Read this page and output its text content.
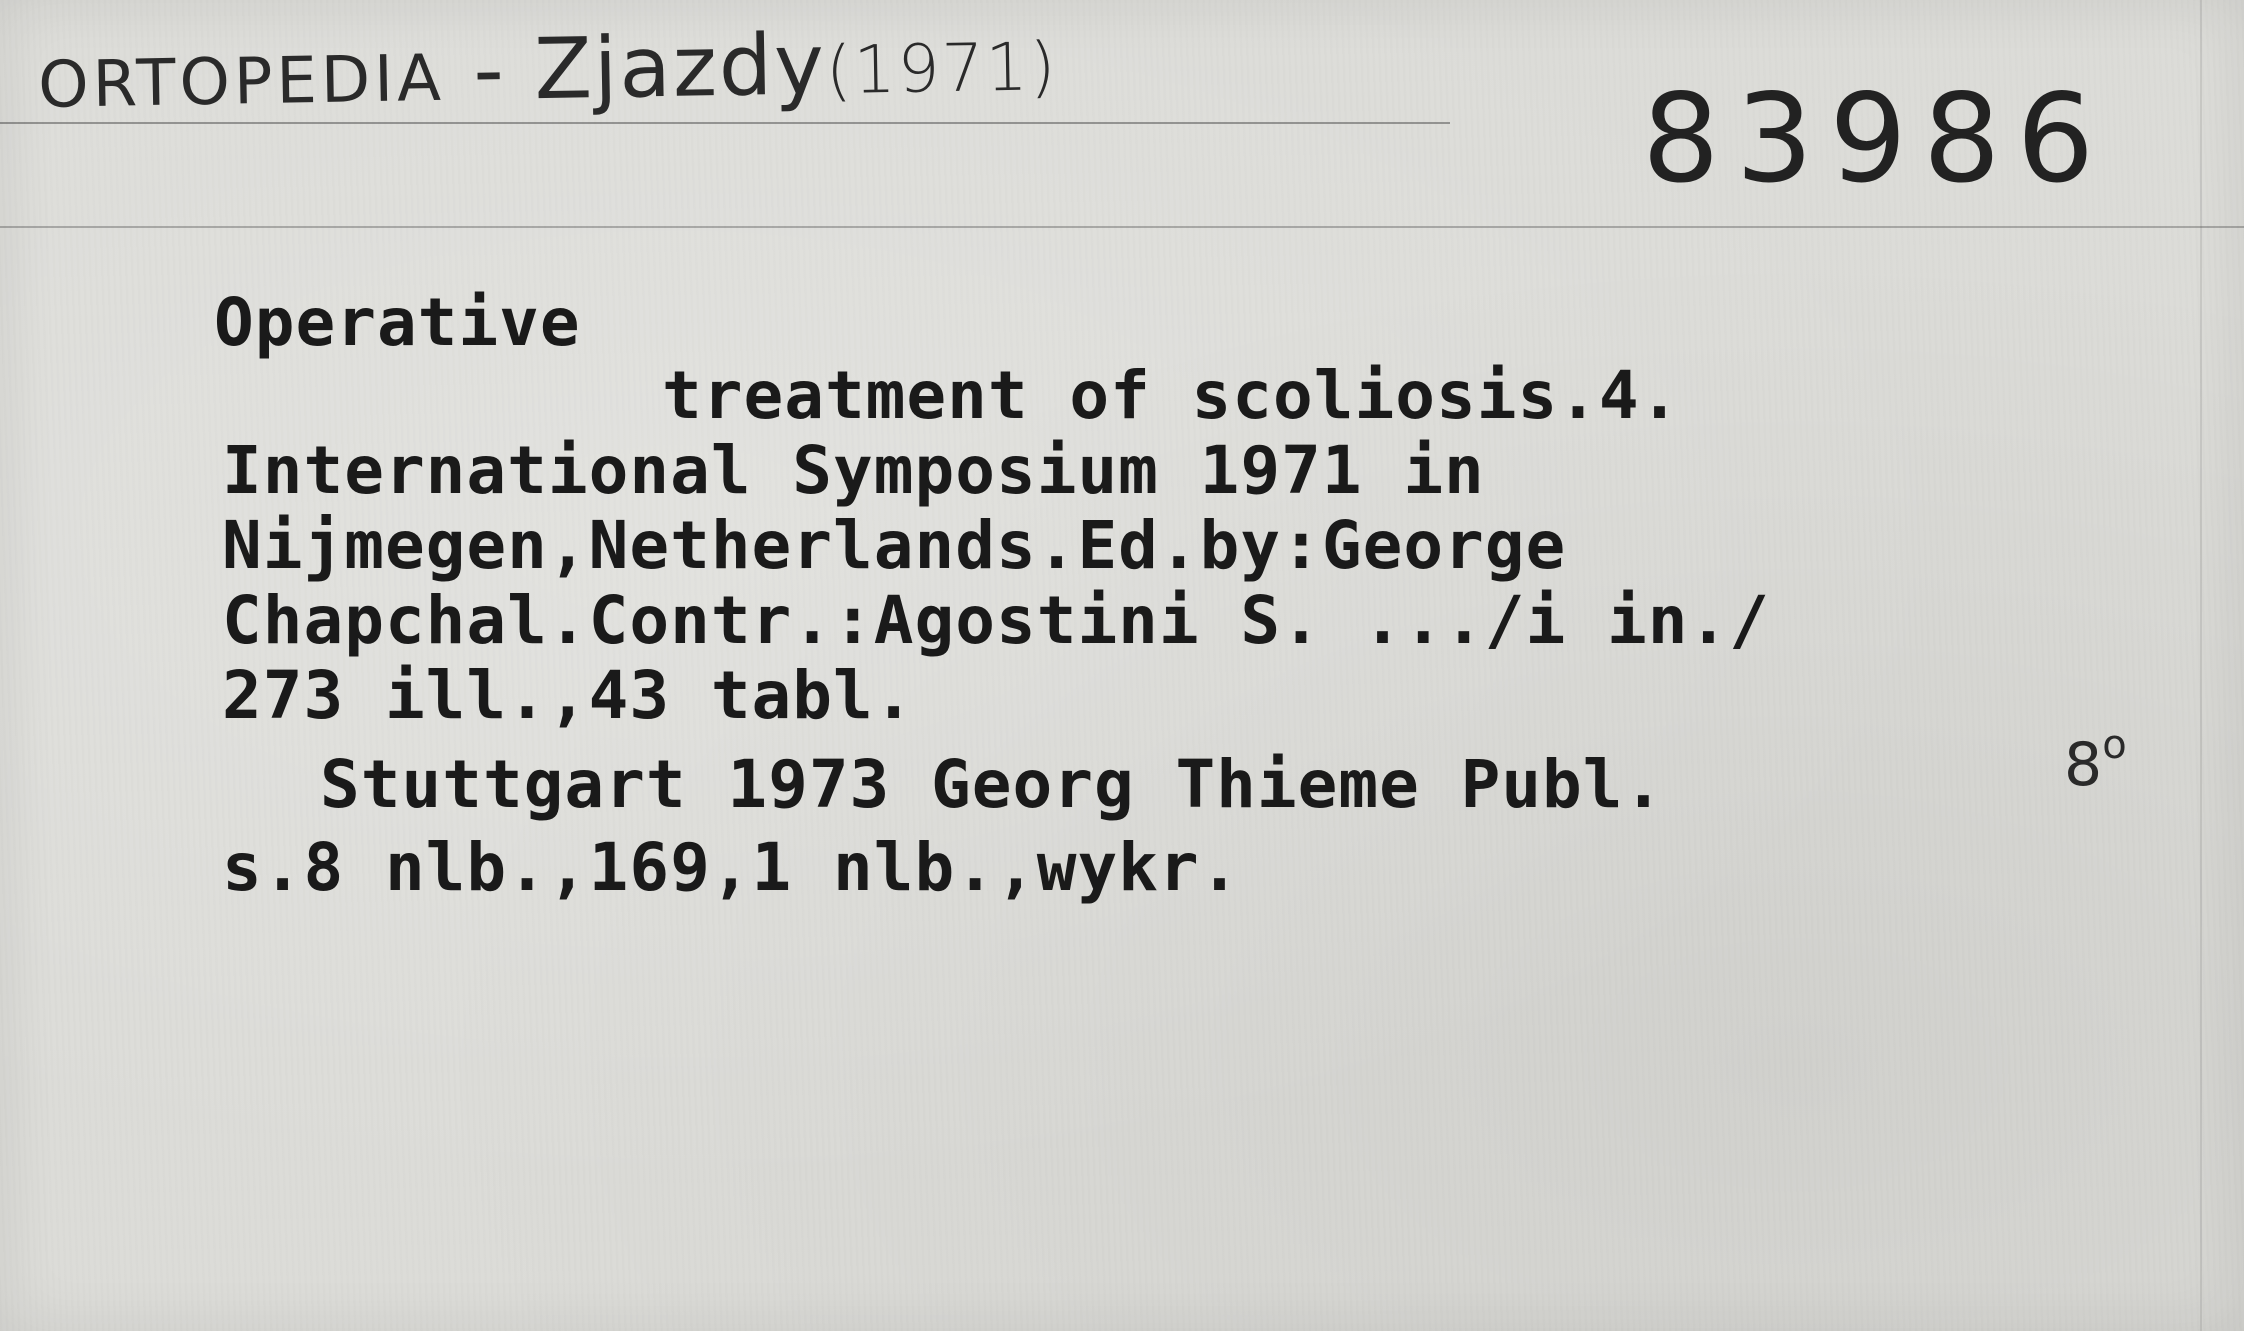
ORTOPEDIA - Zjazdy(1971)	83986
Operative
treatment of scoliosis.4.
International Symposium 1971 in
Nijmegen,Netherlands.Ed.by:George
Chapchal.Contr.:Agostini S. .../i in./
273 ill.,43 tabl.
Stuttgart 1973 Georg Thieme Publ.
s.8 nlb.,169,1 nlb.,wykr.
8$^o$
